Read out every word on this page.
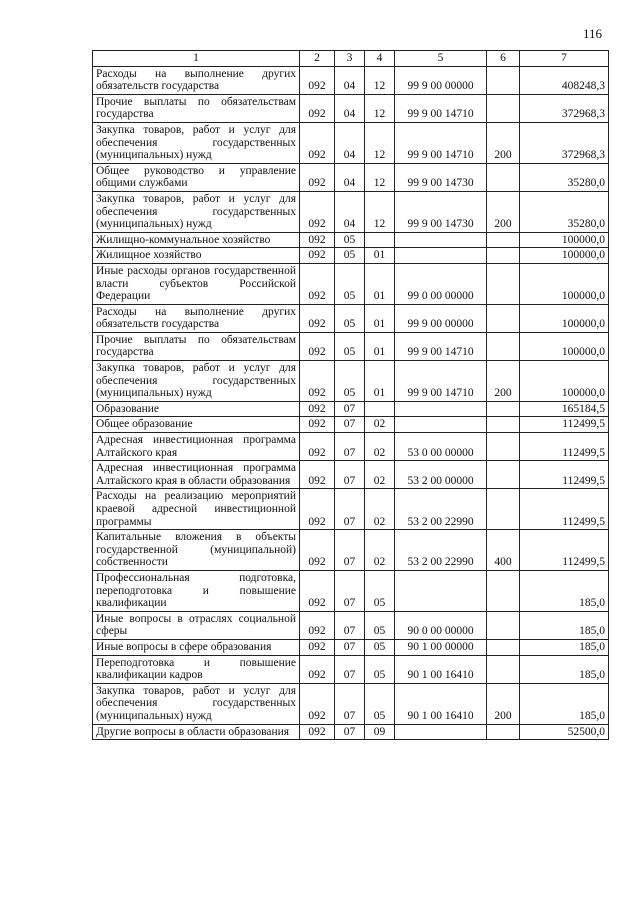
116
1	2	3	4	5	6	7
Расходы на выполнение других обязательств государства	092	04	12	99 9 00 00000		408248,3
Прочие выплаты по обязательствам государства	092	04	12	99 9 00 14710		372968,3
Закупка товаров, работ и услуг для обеспечения государственных (муниципальных) нужд	092	04	12	99 9 00 14710	200	372968,3
Общее руководство и управление общими службами	092	04	12	99 9 00 14730		35280,0
Закупка товаров, работ и услуг для обеспечения государственных (муниципальных) нужд	092	04	12	99 9 00 14730	200	35280,0
Жилищно-коммунальное хозяйство	092	05				100000,0
Жилищное хозяйство	092	05	01			100000,0
Иные расходы органов государственной власти субъектов Российской Федерации	092	05	01	99 0 00 00000		100000,0
Расходы на выполнение других обязательств государства	092	05	01	99 9 00 00000		100000,0
Прочие выплаты по обязательствам государства	092	05	01	99 9 00 14710		100000,0
Закупка товаров, работ и услуг для обеспечения государственных (муниципальных) нужд	092	05	01	99 9 00 14710	200	100000,0
Образование	092	07				165184,5
Общее образование	092	07	02			112499,5
Адресная инвестиционная программа Алтайского края	092	07	02	53 0 00 00000		112499,5
Адресная инвестиционная программа Алтайского края в области образования	092	07	02	53 2 00 00000		112499,5
Расходы на реализацию мероприятий краевой адресной инвестиционной программы	092	07	02	53 2 00 22990		112499,5
Капитальные вложения в объекты государственной (муниципальной) собственности	092	07	02	53 2 00 22990	400	112499,5
Профессиональная подготовка, переподготовка и повышение квалификации	092	07	05			185,0
Иные вопросы в отраслях социальной сферы	092	07	05	90 0 00 00000		185,0
Иные вопросы в сфере образования	092	07	05	90 1 00 00000		185,0
Переподготовка и повышение квалификации кадров	092	07	05	90 1 00 16410		185,0
Закупка товаров, работ и услуг для обеспечения государственных (муниципальных) нужд	092	07	05	90 1 00 16410	200	185,0
Другие вопросы в области образования	092	07	09			52500,0
